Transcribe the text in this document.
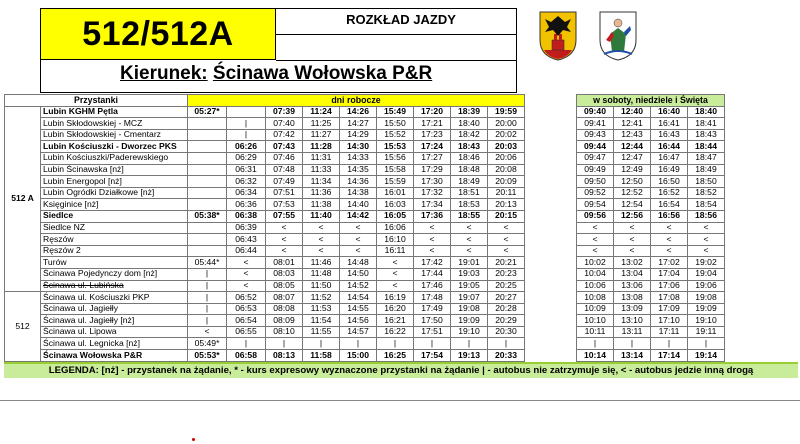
512/512A	ROZKŁAD JAZDY
Kierunek: Ścinawa Wołowska P&R
Przystanki		dni robocze										w soboty, niedziele i Święta			
512 A	Lubin KGHM Pętla	05:27*		07:39	11:24	14:26	15:49	17:20	18:39	19:59		09:40	12:40	16:40	18:40
	Lubin Skłodowskiej - MCZ		|	07:40	11:25	14:27	15:50	17:21	18:40	20:00		09:41	12:41	16:41	18:41
	Lubin Skłodowskiej - Cmentarz		|	07:42	11:27	14:29	15:52	17:23	18:42	20:02		09:43	12:43	16:43	18:43
	Lubin Kościuszki - Dworzec PKS		06:26	07:43	11:28	14:30	15:53	17:24	18:43	20:03		09:44	12:44	16:44	18:44
	Lubin Kościuszki/Paderewskiego		06:29	07:46	11:31	14:33	15:56	17:27	18:46	20:06		09:47	12:47	16:47	18:47
	Lubin Ścinawska [nż]		06:31	07:48	11:33	14:35	15:58	17:29	18:48	20:08		09:49	12:49	16:49	18:49
	Lubin Energopol [nż]		06:32	07:49	11:34	14:36	15:59	17:30	18:49	20:09		09:50	12:50	16:50	18:50
	Lubin Ogródki Działkowe [nż]		06:34	07:51	11:36	14:38	16:01	17:32	18:51	20:11		09:52	12:52	16:52	18:52
	Księginice [nż]		06:36	07:53	11:38	14:40	16:03	17:34	18:53	20:13		09:54	12:54	16:54	18:54
	Siedlce	05:38*	06:38	07:55	11:40	14:42	16:05	17:36	18:55	20:15		09:56	12:56	16:56	18:56
	Siedlce NZ		06:39	<	<	<	16:06	<	<	<		<	<	<	<
	Ręszów		06:43	<	<	<	16:10	<	<	<		<	<	<	<
	Ręszów 2		06:44	<	<	<	16:11	<	<	<		<	<	<	<
	Turów	05:44*	<	08:01	11:46	14:48	<	17:42	19:01	20:21		10:02	13:02	17:02	19:02
	Ścinawa Pojedynczy dom [nż]	|	<	08:03	11:48	14:50	<	17:44	19:03	20:23		10:04	13:04	17:04	19:04
	Ścinawa ul. Lubińska	|	<	08:05	11:50	14:52	<	17:46	19:05	20:25		10:06	13:06	17:06	19:06
512	Ścinawa ul. Kościuszki PKP	|	06:52	08:07	11:52	14:54	16:19	17:48	19:07	20:27		10:08	13:08	17:08	19:08
	Ścinawa ul. Jagiełły	|	06:53	08:08	11:53	14:55	16:20	17:49	19:08	20:28		10:09	13:09	17:09	19:09
	Ścinawa ul. Jagiełły [nż]	|	06:54	08:09	11:54	14:56	16:21	17:50	19:09	20:29		10:10	13:10	17:10	19:10
	Ścinawa ul. Lipowa	<	06:55	08:10	11:55	14:57	16:22	17:51	19:10	20:30		10:11	13:11	17:11	19:11
	Ścinawa ul. Legnicka [nż]	05:49*	|	|	|	|	|	|	|	|		|	|	|	|
	Ścinawa Wołowska P&R	05:53*	06:58	08:13	11:58	15:00	16:25	17:54	19:13	20:33		10:14	13:14	17:14	19:14
LEGENDA: [nż] - przystanek na żądanie, * - kurs expresowy wyznaczone przystanki na żądanie | - autobus nie zatrzymuje się, < - autobus jedzie inną drogą
